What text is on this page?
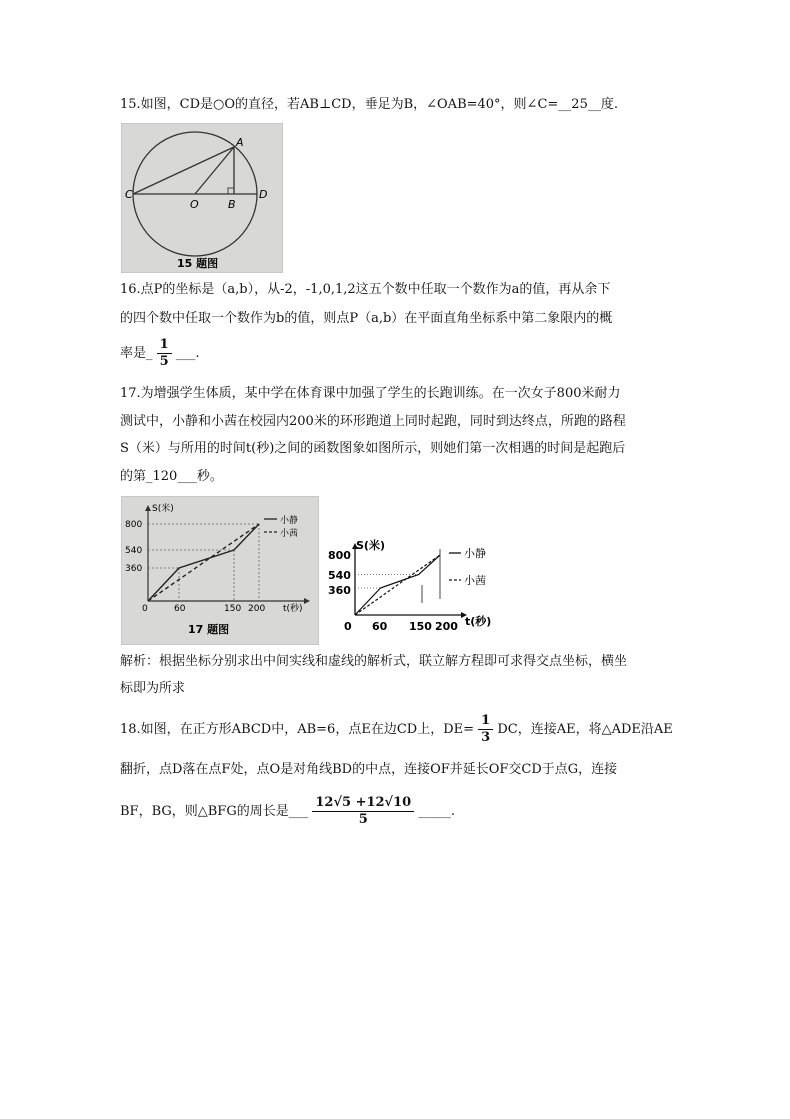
15.如图，CD是○O的直径，若AB⊥CD，垂足为B，∠OAB=40°，则∠C=__25__度.
A
C	D
O	B
15 题图
16.点P的坐标是（a,b），从-2，-1,0,1,2这五个数中任取一个数作为a的值，再从余下
的四个数中任取一个数作为b的值，则点P（a,b）在平面直角坐标系中第二象限内的概
率是_ $\frac{1}{5}$ ___.
17.为增强学生体质，某中学在体育课中加强了学生的长跑训练。在一次女子800米耐力
测试中，小静和小茜在校园内200米的环形跑道上同时起跑，同时到达终点，所跑的路程
S（米）与所用的时间t(秒)之间的函数图象如图所示，则她们第一次相遇的时间是起跑后
的第_120___秒。
S(米)
800
540
360
0	60	150 200 t(秒)
小静
小茜
17 题图
S(米)
t(秒)
0
800
540
360
60 150 200
小静
小茜
解析：根据坐标分别求出中间实线和虚线的解析式，联立解方程即可求得交点坐标，横坐
标即为所求
18.如图，在正方形ABCD中，AB=6，点E在边CD上，$DE= \frac{1}{3}$ DC，连接AE，将△ADE沿AE
翻折，点D落在点F处，点O是对角线BD的中点，连接OF并延长OF交CD于点G，连接
BF，BG，则△BFG的周长是___ $\frac{12√5 +12√10}{5}$ _____.
